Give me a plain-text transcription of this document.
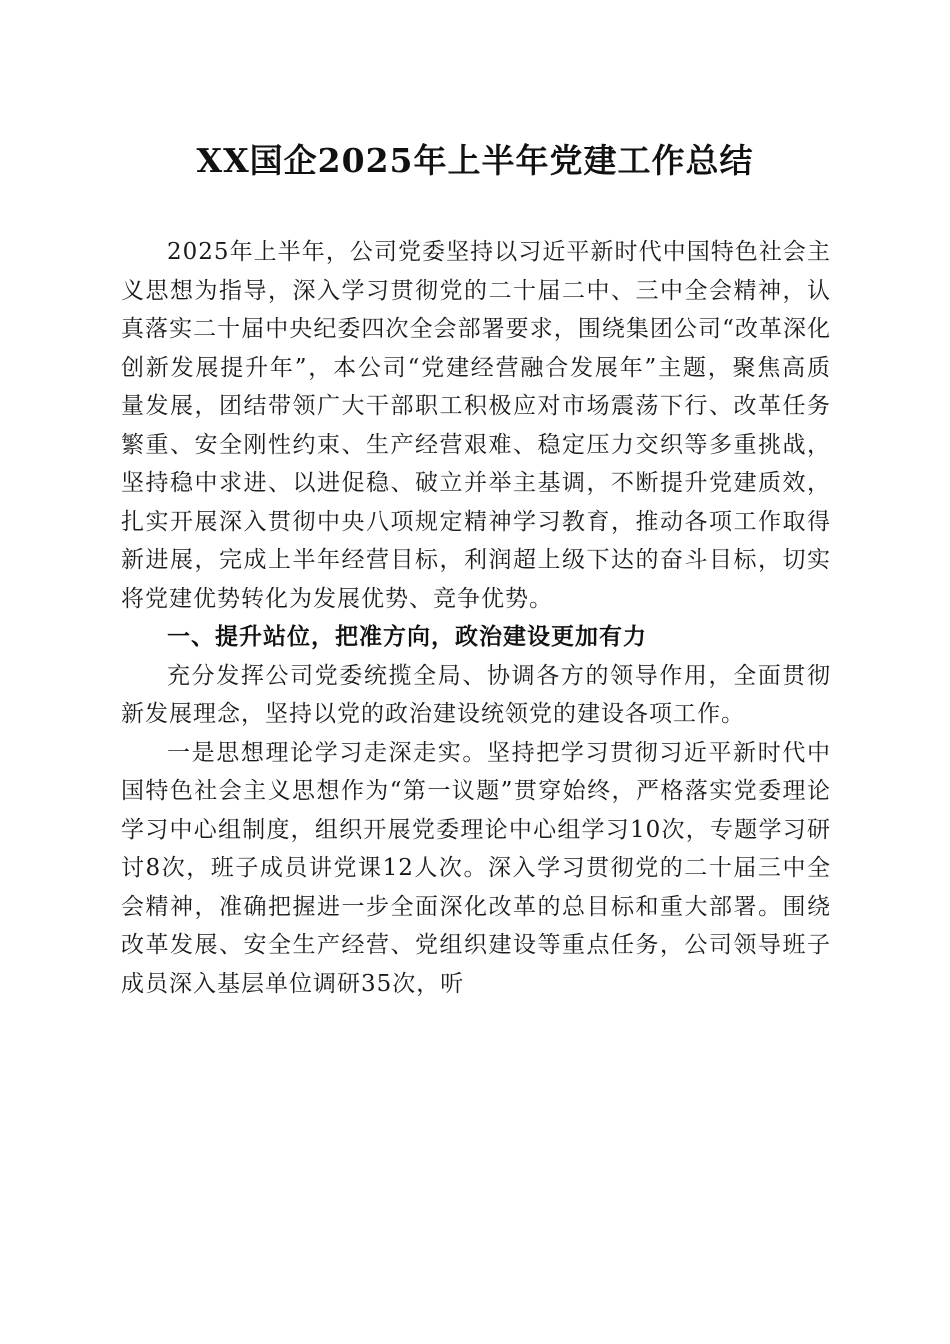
XX国企2025年上半年党建工作总结

2025年上半年，公司党委坚持以习近平新时代中国特色社会主义思想为指导，深入学习贯彻党的二十届二中、三中全会精神，认真落实二十届中央纪委四次全会部署要求，围绕集团公司“改革深化创新发展提升年”，本公司“党建经营融合发展年”主题，聚焦高质量发展，团结带领广大干部职工积极应对市场震荡下行、改革任务繁重、安全刚性约束、生产经营艰难、稳定压力交织等多重挑战，坚持稳中求进、以进促稳、破立并举主基调，不断提升党建质效，扎实开展深入贯彻中央八项规定精神学习教育，推动各项工作取得新进展，完成上半年经营目标，利润超上级下达的奋斗目标，切实将党建优势转化为发展优势、竞争优势。

一、提升站位，把准方向，政治建设更加有力

充分发挥公司党委统揽全局、协调各方的领导作用，全面贯彻新发展理念，坚持以党的政治建设统领党的建设各项工作。

一是思想理论学习走深走实。坚持把学习贯彻习近平新时代中国特色社会主义思想作为“第一议题”贯穿始终，严格落实党委理论学习中心组制度，组织开展党委理论中心组学习10次，专题学习研讨8次，班子成员讲党课12人次。深入学习贯彻党的二十届三中全会精神，准确把握进一步全面深化改革的总目标和重大部署。围绕改革发展、安全生产经营、党组织建设等重点任务，公司领导班子成员深入基层单位调研35次，听
